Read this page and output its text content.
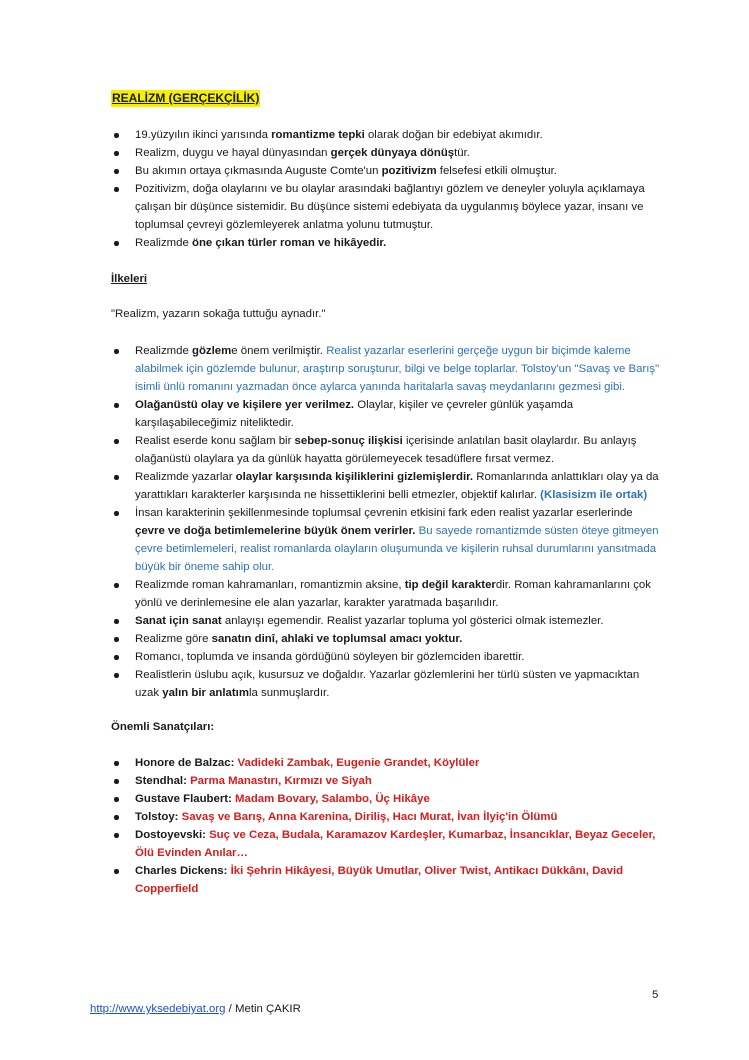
REALİZM (GERÇEKÇİLİK)
19.yüzyılın ikinci yarısında romantizme tepki olarak doğan bir edebiyat akımıdır.
Realizm, duygu ve hayal dünyasından gerçek dünyaya dönüştür.
Bu akımın ortaya çıkmasında Auguste Comte'un pozitivizm felsefesi etkili olmuştur.
Pozitivizm, doğa olaylarını ve bu olaylar arasındaki bağlantıyı gözlem ve deneyler yoluyla açıklamaya çalışan bir düşünce sistemidir. Bu düşünce sistemi edebiyata da uygulanmış böylece yazar, insanı ve toplumsal çevreyi gözlemleyerek anlatma yolunu tutmuştur.
Realizmde öne çıkan türler roman ve hikâyedir.
İlkeleri
"Realizm, yazarın sokağa tuttuğu aynadır."
Realizmde gözleme önem verilmiştir. Realist yazarlar eserlerini gerçeğe uygun bir biçimde kaleme alabilmek için gözlemde bulunur, araştırıp soruşturur, bilgi ve belge toplarlar. Tolstoy'un "Savaş ve Barış" isimli ünlü romanını yazmadan önce aylarca yanında haritalarla savaş meydanlarını gezmesi gibi.
Olağanüstü olay ve kişilere yer verilmez. Olaylar, kişiler ve çevreler günlük yaşamda karşılaşabileceğimiz niteliktedir.
Realist eserde konu sağlam bir sebep-sonuç ilişkisi içerisinde anlatılan basit olaylardır. Bu anlayış olağanüstü olaylara ya da günlük hayatta görülemeyecek tesadüflere fırsat vermez.
Realizmde yazarlar olaylar karşısında kişiliklerini gizlemişlerdir. Romanlarında anlattıkları olay ya da yarattıkları karakterler karşısında ne hissettiklerini belli etmezler, objektif kalırlar. (Klasisizm ile ortak)
İnsan karakterinin şekillenmesinde toplumsal çevrenin etkisini fark eden realist yazarlar eserlerinde çevre ve doğa betimlemelerine büyük önem verirler. Bu sayede romantizmde süsten öteye gitmeyen çevre betimlemeleri, realist romanlarda olayların oluşumunda ve kişilerin ruhsal durumlarını yansıtmada büyük bir öneme sahip olur.
Realizmde roman kahramanları, romantizmin aksine, tip değil karakterdir. Roman kahramanlarını çok yönlü ve derinlemesine ele alan yazarlar, karakter yaratmada başarılıdır.
Sanat için sanat anlayışı egemendir. Realist yazarlar topluma yol gösterici olmak istemezler.
Realizme göre sanatın dinî, ahlaki ve toplumsal amacı yoktur.
Romancı, toplumda ve insanda gördüğünü söyleyen bir gözlemciden ibarettir.
Realistlerin üslubu açık, kusursuz ve doğaldır. Yazarlar gözlemlerini her türlü süsten ve yapmacıktan uzak yalın bir anlatımla sunmuşlardır.
Önemli Sanatçıları:
Honore de Balzac: Vadideki Zambak, Eugenie Grandet, Köylüler
Stendhal: Parma Manastırı, Kırmızı ve Siyah
Gustave Flaubert: Madam Bovary, Salambo, Üç Hikâye
Tolstoy: Savaş ve Barış, Anna Karenina, Diriliş, Hacı Murat, İvan İlyiç'in Ölümü
Dostoyevski: Suç ve Ceza, Budala, Karamazov Kardeşler, Kumarbaz, İnsancıklar, Beyaz Geceler, Ölü Evinden Anılar…
Charles Dickens: İki Şehrin Hikâyesi, Büyük Umutlar, Oliver Twist, Antikacı Dükkânı, David Copperfield
5
http://www.yksedebiyat.org / Metin ÇAKIR
